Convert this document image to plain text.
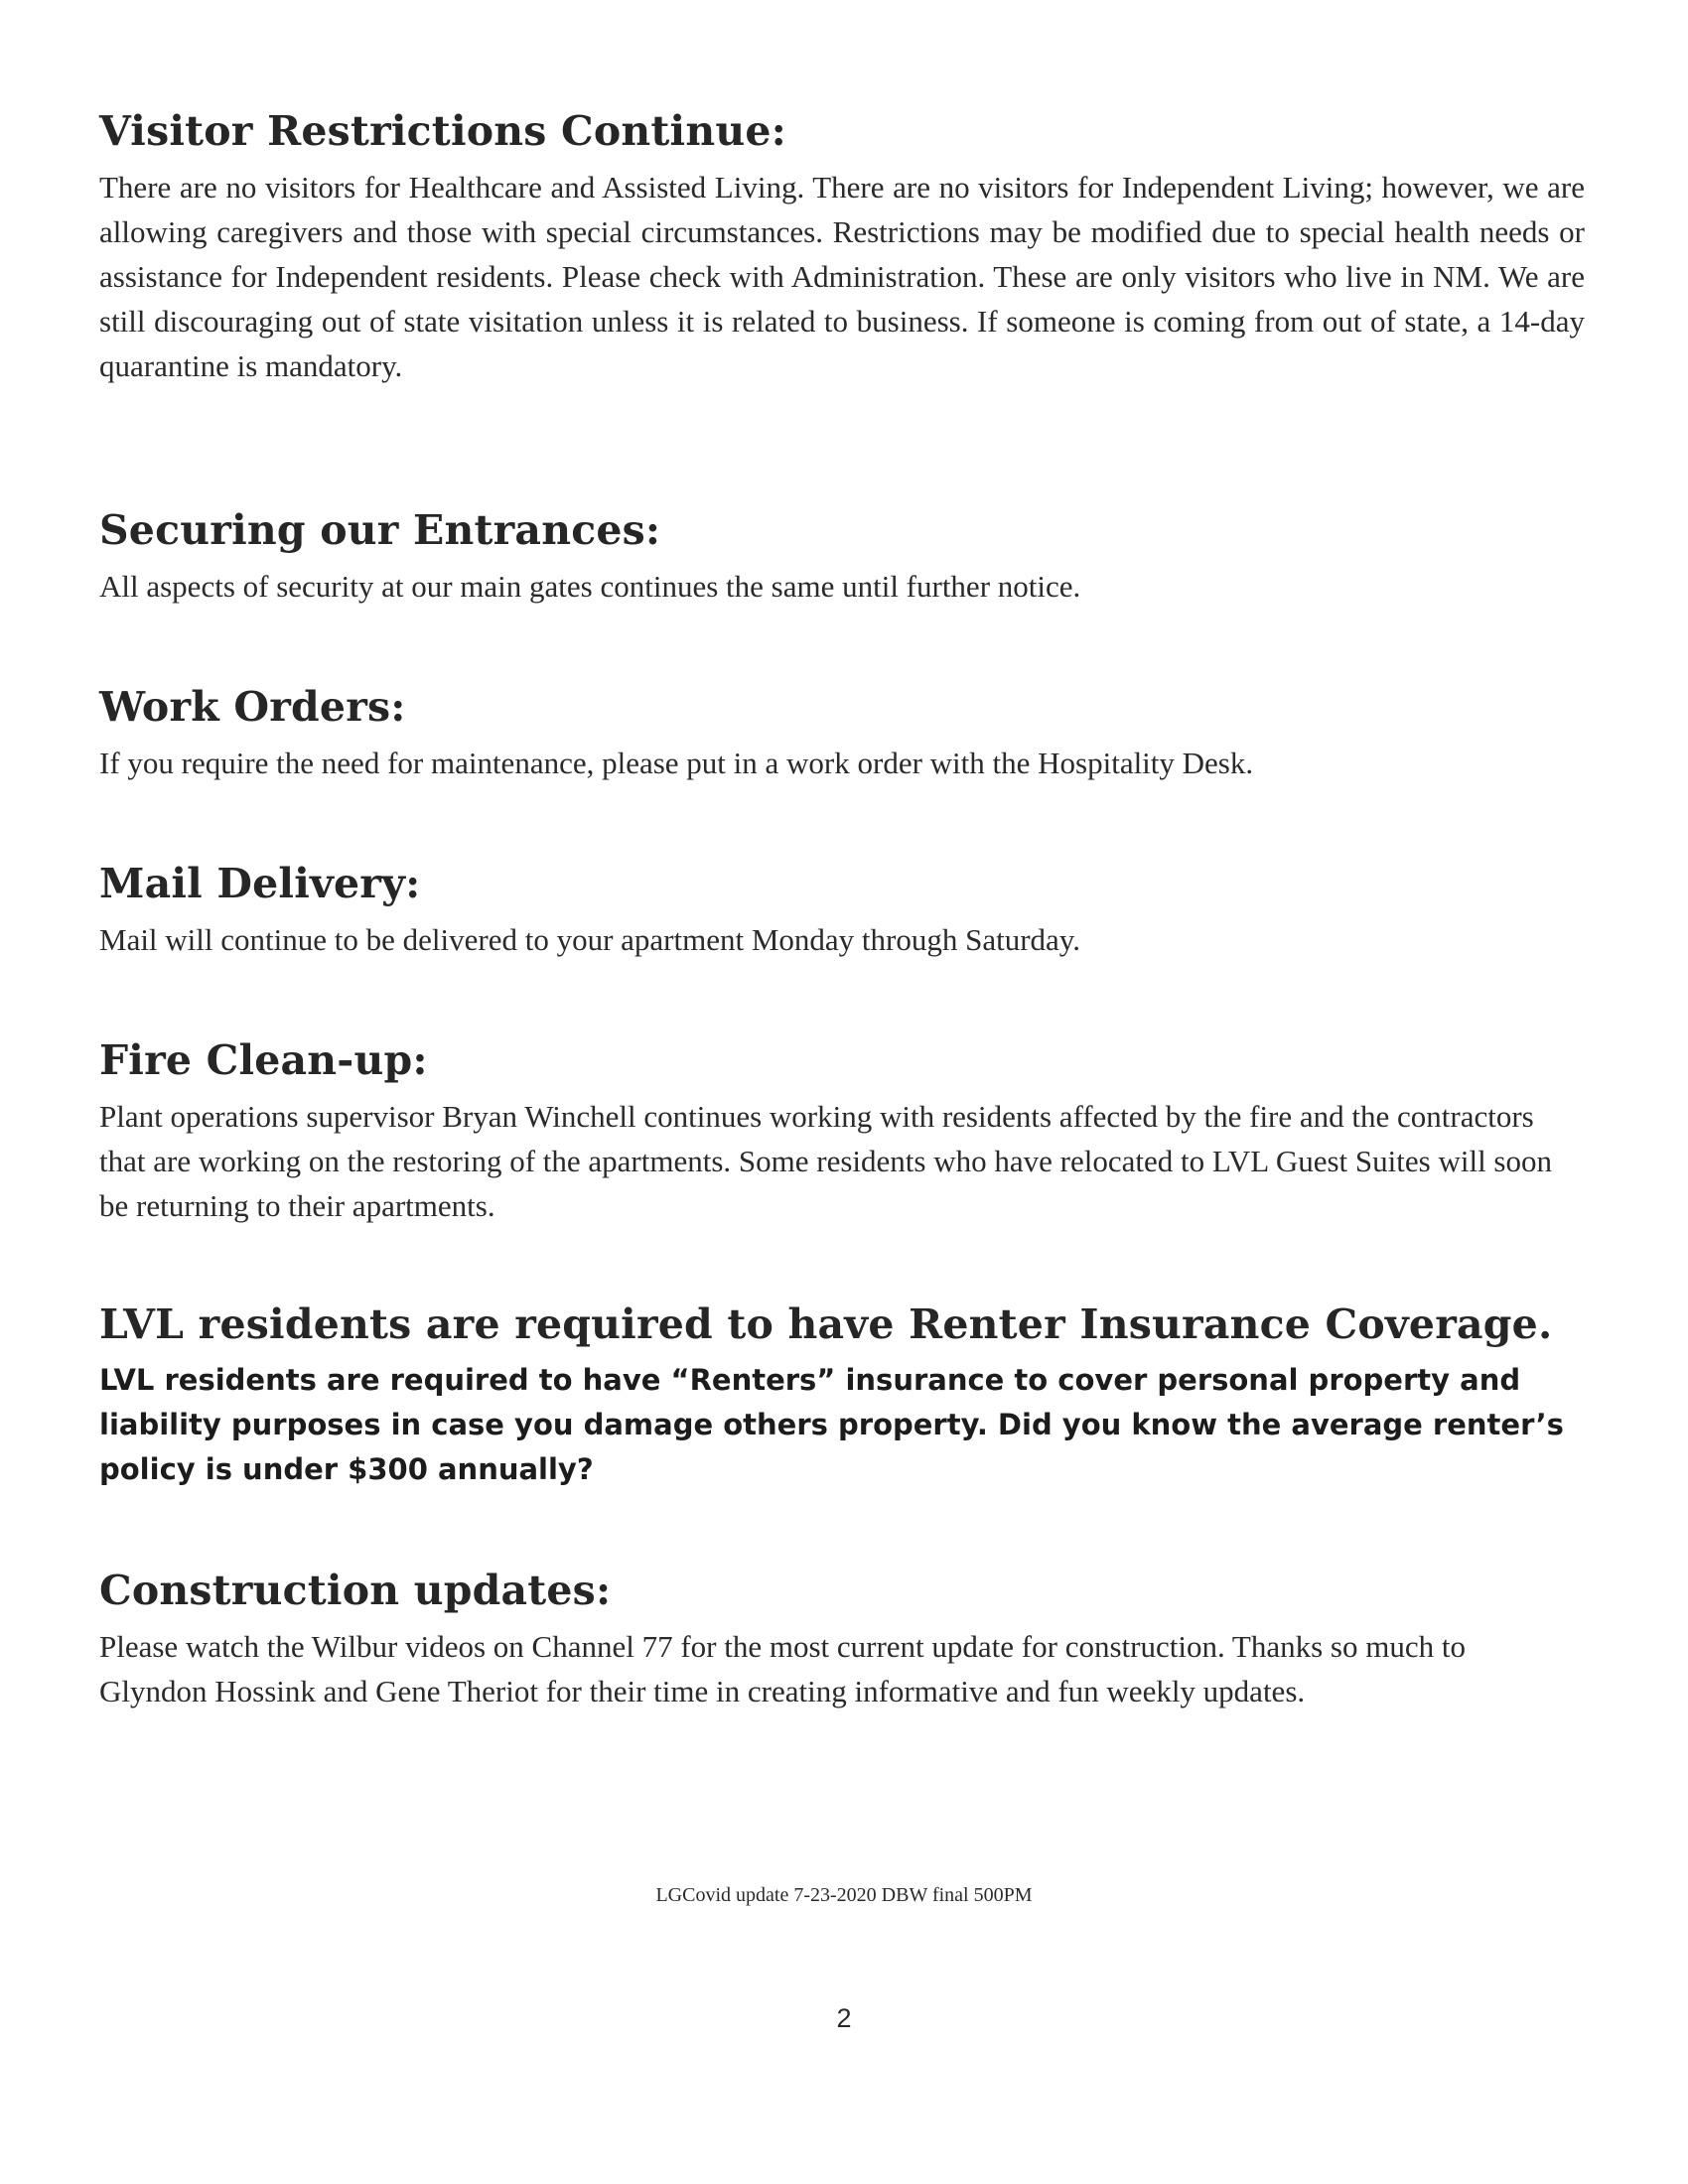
Visitor Restrictions Continue:

There are no visitors for Healthcare and Assisted Living. There are no visitors for Independent Living; however, we are allowing caregivers and those with special circumstances. Restrictions may be modified due to special health needs or assistance for Independent residents. Please check with Administration. These are only visitors who live in NM. We are still discouraging out of state visitation unless it is related to business. If someone is coming from out of state, a 14-day quarantine is mandatory.

Securing our Entrances:

All aspects of security at our main gates continues the same until further notice.

Work Orders:

If you require the need for maintenance, please put in a work order with the Hospitality Desk.

Mail Delivery:

Mail will continue to be delivered to your apartment Monday through Saturday.

Fire Clean-up:

Plant operations supervisor Bryan Winchell continues working with residents affected by the fire and the contractors that are working on the restoring of the apartments. Some residents who have relocated to LVL Guest Suites will soon be returning to their apartments.

LVL residents are required to have Renter Insurance Coverage.

LVL residents are required to have “Renters” insurance to cover personal property and liability purposes in case you damage others property. Did you know the average renter’s policy is under $300 annually?

Construction updates:

Please watch the Wilbur videos on Channel 77 for the most current update for construction. Thanks so much to Glyndon Hossink and Gene Theriot for their time in creating informative and fun weekly updates.

LGCovid update 7-23-2020 DBW final 500PM
2
